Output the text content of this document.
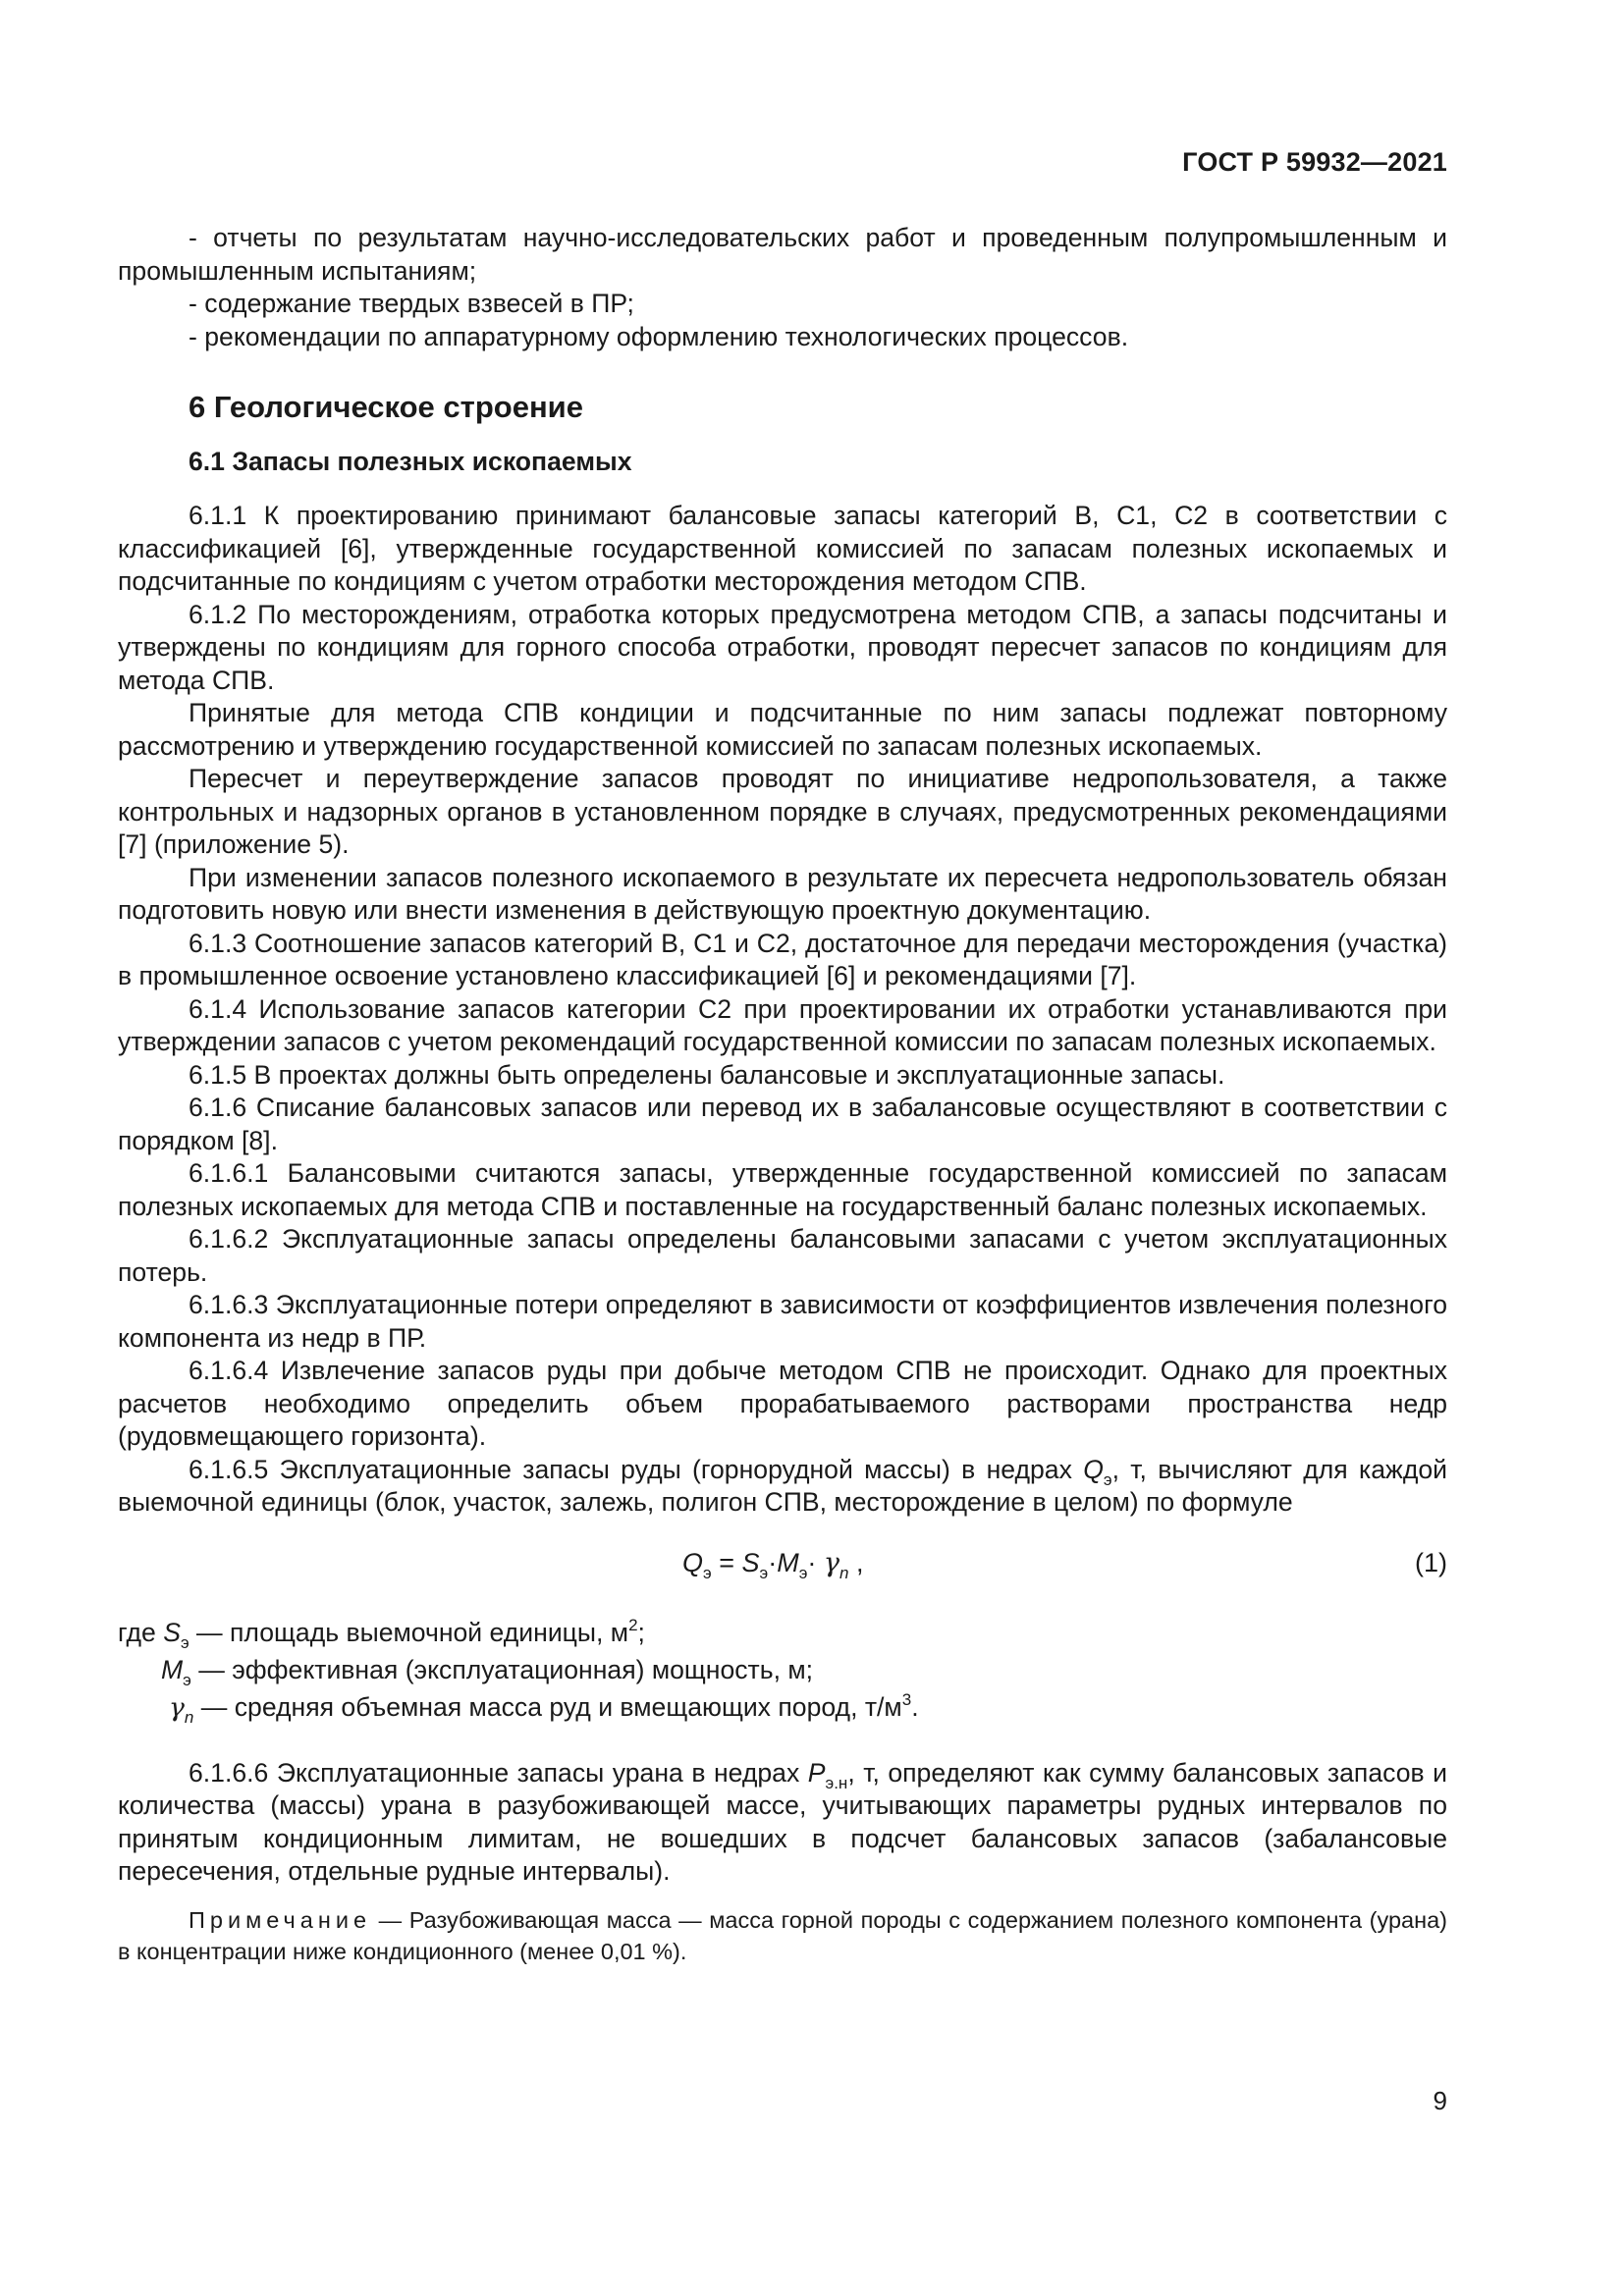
ГОСТ Р 59932—2021

- отчеты по результатам научно-исследовательских работ и проведенным полупромышленным и промышленным испытаниям;

- содержание твердых взвесей в ПР;

- рекомендации по аппаратурному оформлению технологических процессов.

6 Геологическое строение
6.1 Запасы полезных ископаемых

6.1.1 К проектированию принимают балансовые запасы категорий B, C1, C2 в соответствии с классификацией [6], утвержденные государственной комиссией по запасам полезных ископаемых и подсчитанные по кондициям с учетом отработки месторождения методом СПВ.

6.1.2 По месторождениям, отработка которых предусмотрена методом СПВ, а запасы подсчитаны и утверждены по кондициям для горного способа отработки, проводят пересчет запасов по кондициям для метода СПВ.

Принятые для метода СПВ кондиции и подсчитанные по ним запасы подлежат повторному рассмотрению и утверждению государственной комиссией по запасам полезных ископаемых.

Пересчет и переутверждение запасов проводят по инициативе недропользователя, а также контрольных и надзорных органов в установленном порядке в случаях, предусмотренных рекомендациями [7] (приложение 5).

При изменении запасов полезного ископаемого в результате их пересчета недропользователь обязан подготовить новую или внести изменения в действующую проектную документацию.

6.1.3 Соотношение запасов категорий B, C1 и C2, достаточное для передачи месторождения (участка) в промышленное освоение установлено классификацией [6] и рекомендациями [7].

6.1.4 Использование запасов категории С2 при проектировании их отработки устанавливаются при утверждении запасов с учетом рекомендаций государственной комиссии по запасам полезных ископаемых.

6.1.5 В проектах должны быть определены балансовые и эксплуатационные запасы.

6.1.6 Списание балансовых запасов или перевод их в забалансовые осуществляют в соответствии с порядком [8].

6.1.6.1 Балансовыми считаются запасы, утвержденные государственной комиссией по запасам полезных ископаемых для метода СПВ и поставленные на государственный баланс полезных ископаемых.

6.1.6.2 Эксплуатационные запасы определены балансовыми запасами с учетом эксплуатационных потерь.

6.1.6.3 Эксплуатационные потери определяют в зависимости от коэффициентов извлечения полезного компонента из недр в ПР.

6.1.6.4 Извлечение запасов руды при добыче методом СПВ не происходит. Однако для проектных расчетов необходимо определить объем прорабатываемого растворами пространства недр (рудовмещающего горизонта).

6.1.6.5 Эксплуатационные запасы руды (горнорудной массы) в недрах $Q_э$, т, вычисляют для каждой выемочной единицы (блок, участок, залежь, полигон СПВ, месторождение в целом) по формуле

$Q_э = S_э\cdot M_э\cdot \gamma_n$ ,	(1)
где $S_э$ — площадь выемочной единицы, $м^2$;
$M_э$ — эффективная (эксплуатационная) мощность, м;
$\gamma_n$ — средняя объемная масса руд и вмещающих пород, $т/м^3$.

6.1.6.6 Эксплуатационные запасы урана в недрах $P_{э.н}$, т, определяют как сумму балансовых запасов и количества (массы) урана в разубоживающей массе, учитывающих параметры рудных интервалов по принятым кондиционным лимитам, не вошедших в подсчет балансовых запасов (забалансовые пересечения, отдельные рудные интервалы).

Примечание — Разубоживающая масса — масса горной породы с содержанием полезного компонента (урана) в концентрации ниже кондиционного (менее 0,01 %).

9
